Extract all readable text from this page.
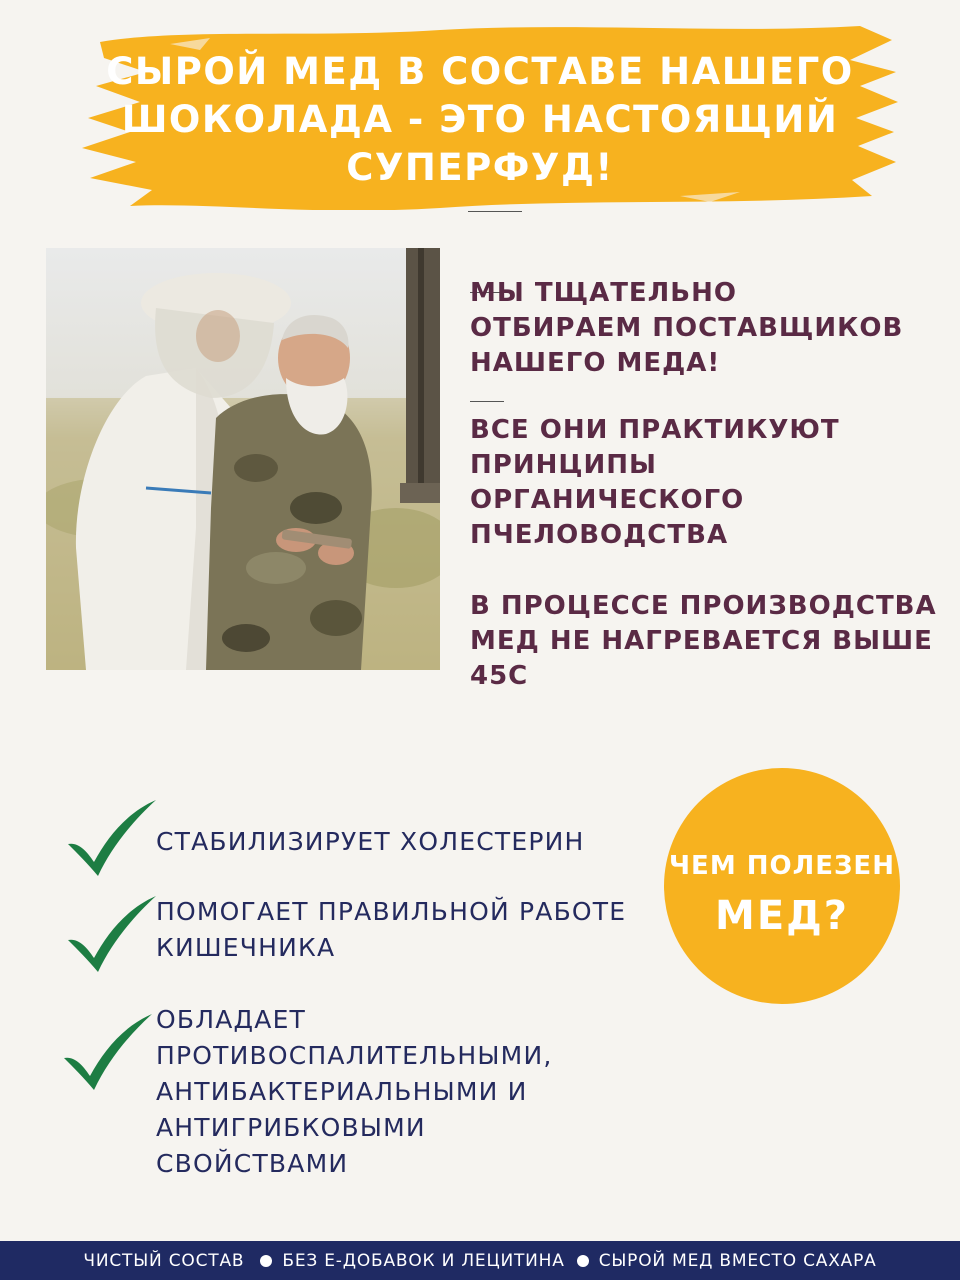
СЫРОЙ МЕД В СОСТАВЕ НАШЕГО
ШОКОЛАДА - ЭТО НАСТОЯЩИЙ
СУПЕРФУД!

МЫ ТЩАТЕЛЬНО ОТБИРАЕМ ПОСТАВЩИКОВ НАШЕГО МЕДА!

ВСЕ ОНИ ПРАКТИКУЮТ ПРИНЦИПЫ ОРГАНИЧЕСКОГО ПЧЕЛОВОДСТВА

В ПРОЦЕССЕ ПРОИЗВОДСТВА МЕД НЕ НАГРЕВАЕТСЯ ВЫШЕ 45С

СТАБИЛИЗИРУЕТ ХОЛЕСТЕРИН
ПОМОГАЕТ ПРАВИЛЬНОЙ РАБОТЕ
КИШЕЧНИКА
ОБЛАДАЕТ
ПРОТИВОСПАЛИТЕЛЬНЫМИ,
АНТИБАКТЕРИАЛЬНЫМИ И
АНТИГРИБКОВЫМИ
СВОЙСТВАМИ
ЧЕМ ПОЛЕЗЕН
МЕД?
ЧИСТЫЙ СОСТАВ БЕЗ Е-ДОБАВОК И ЛЕЦИТИНА СЫРОЙ МЕД ВМЕСТО САХАРА
